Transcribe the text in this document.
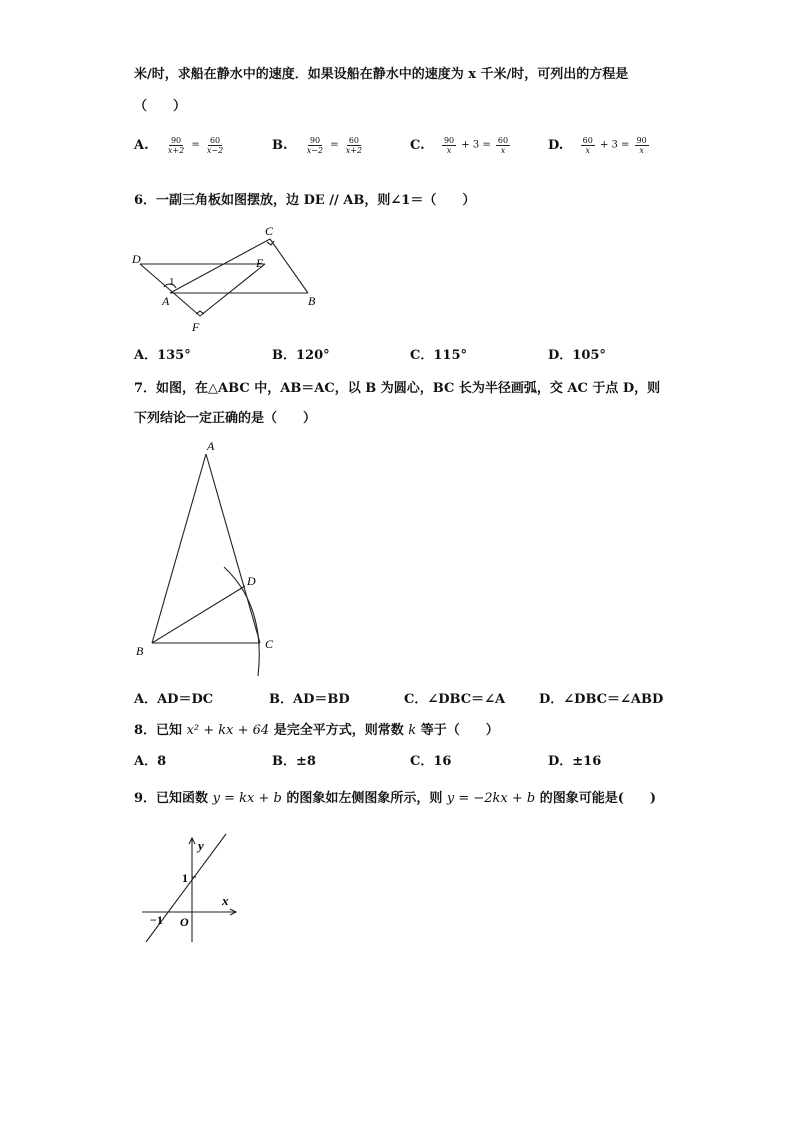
米/时，求船在静水中的速度．如果设船在静水中的速度为 x 千米/时，可列出的方程是
（　　）
A. $\frac{90}{x+2} = \frac{60}{x-2}$	B. $\frac{90}{x-2} = \frac{60}{x+2}$	C. $\frac{90}{x} + 3 = \frac{60}{x}$	D. $\frac{60}{x} + 3 = \frac{90}{x}$
6．一副三角板如图摆放，边 DE // AB，则∠1＝（　　）
C
D	E
1
A	B
F
A．135°	B．120°	C．115°	D．105°
7．如图，在△ABC 中，AB＝AC，以 B 为圆心，BC 长为半径画弧，交 AC 于点 D，则
下列结论一定正确的是（　　）
A
D
B	C
A．AD＝DC	B．AD＝BD	C．∠DBC＝∠A	D．∠DBC＝∠ABD
8．已知 x² + kx + 64 是完全平方式，则常数 k 等于（　　）
A．8	B．±8	C．16	D．±16
9．已知函数 y = kx + b 的图象如左侧图象所示，则 y = −2kx + b 的图象可能是(　　)
y
x
1
−1 O
